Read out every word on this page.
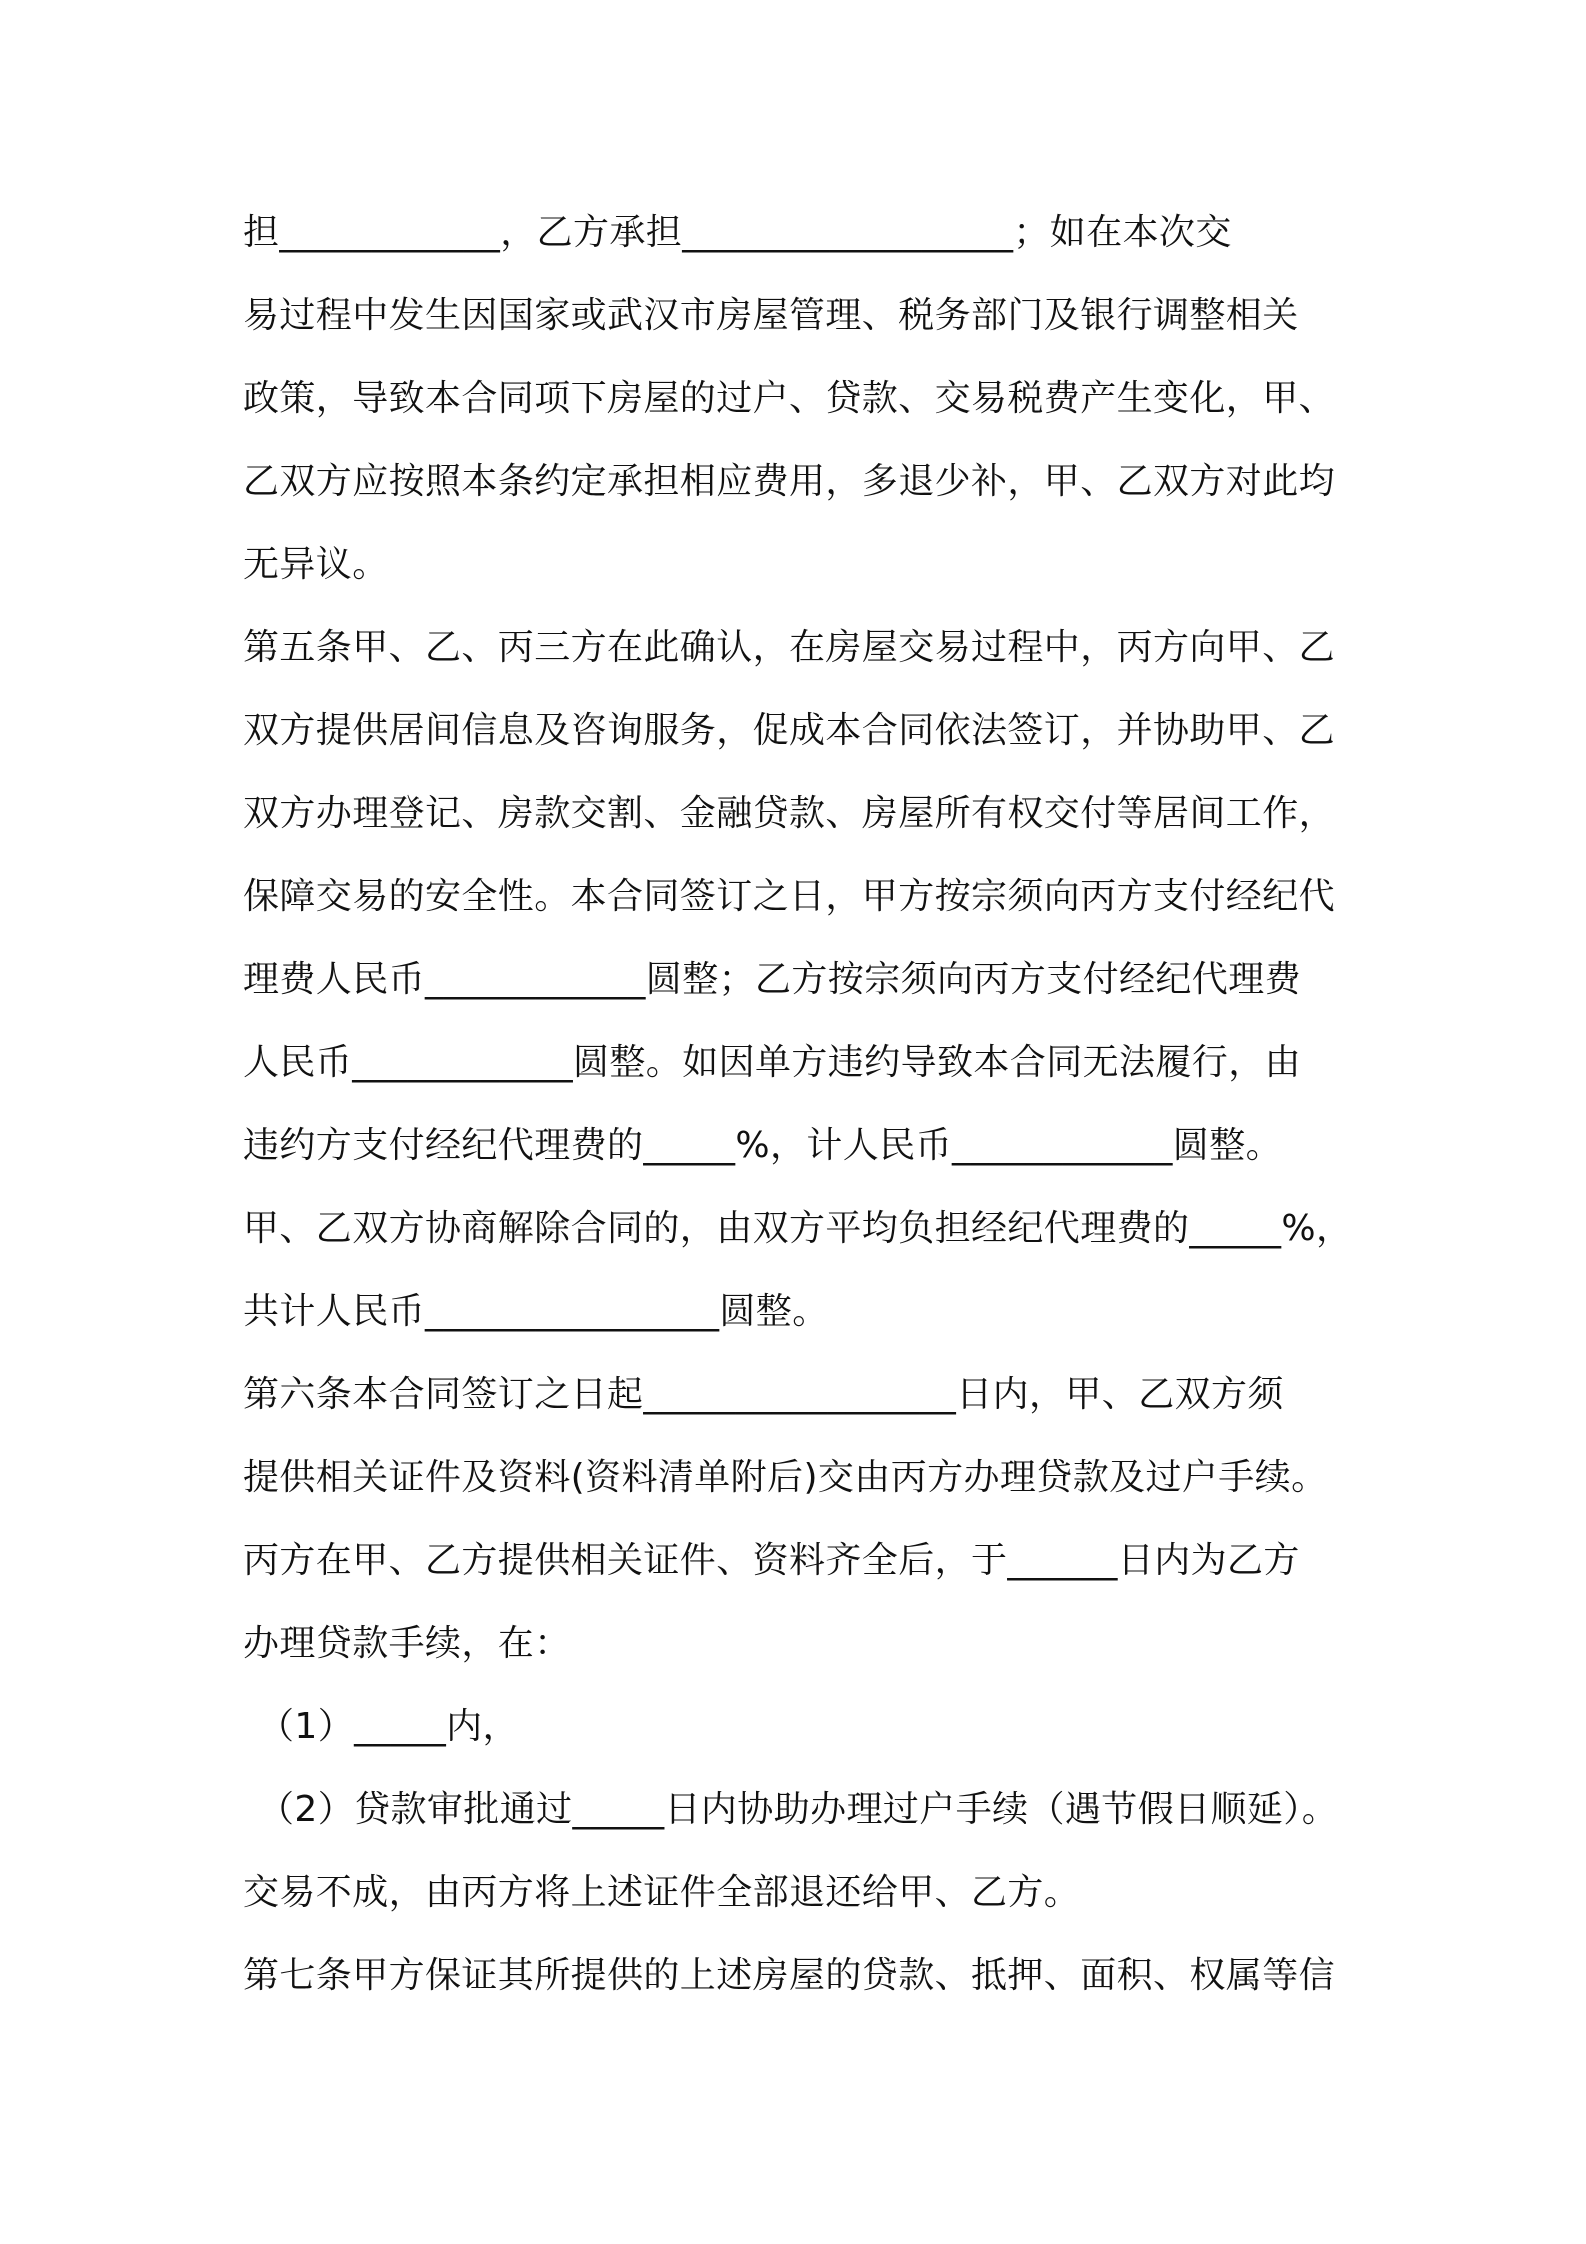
担____________，乙方承担__________________；如在本次交
易过程中发生因国家或武汉市房屋管理、税务部门及银行调整相关
政策，导致本合同项下房屋的过户、贷款、交易税费产生变化，甲、
乙双方应按照本条约定承担相应费用，多退少补，甲、乙双方对此均
无异议。
第五条甲、乙、丙三方在此确认，在房屋交易过程中，丙方向甲、乙
双方提供居间信息及咨询服务，促成本合同依法签订，并协助甲、乙
双方办理登记、房款交割、金融贷款、房屋所有权交付等居间工作，
保障交易的安全性。本合同签订之日，甲方按宗须向丙方支付经纪代
理费人民币____________圆整；乙方按宗须向丙方支付经纪代理费
人民币____________圆整。如因单方违约导致本合同无法履行，由
违约方支付经纪代理费的_____%，计人民币____________圆整。
甲、乙双方协商解除合同的，由双方平均负担经纪代理费的_____%，
共计人民币________________圆整。
第六条本合同签订之日起_________________日内，甲、乙双方须
提供相关证件及资料(资料清单附后)交由丙方办理贷款及过户手续。
丙方在甲、乙方提供相关证件、资料齐全后，于______日内为乙方
办理贷款手续，在：
（1）_____内，
（2）贷款审批通过_____日内协助办理过户手续（遇节假日顺延）。
交易不成，由丙方将上述证件全部退还给甲、乙方。
第七条甲方保证其所提供的上述房屋的贷款、抵押、面积、权属等信
